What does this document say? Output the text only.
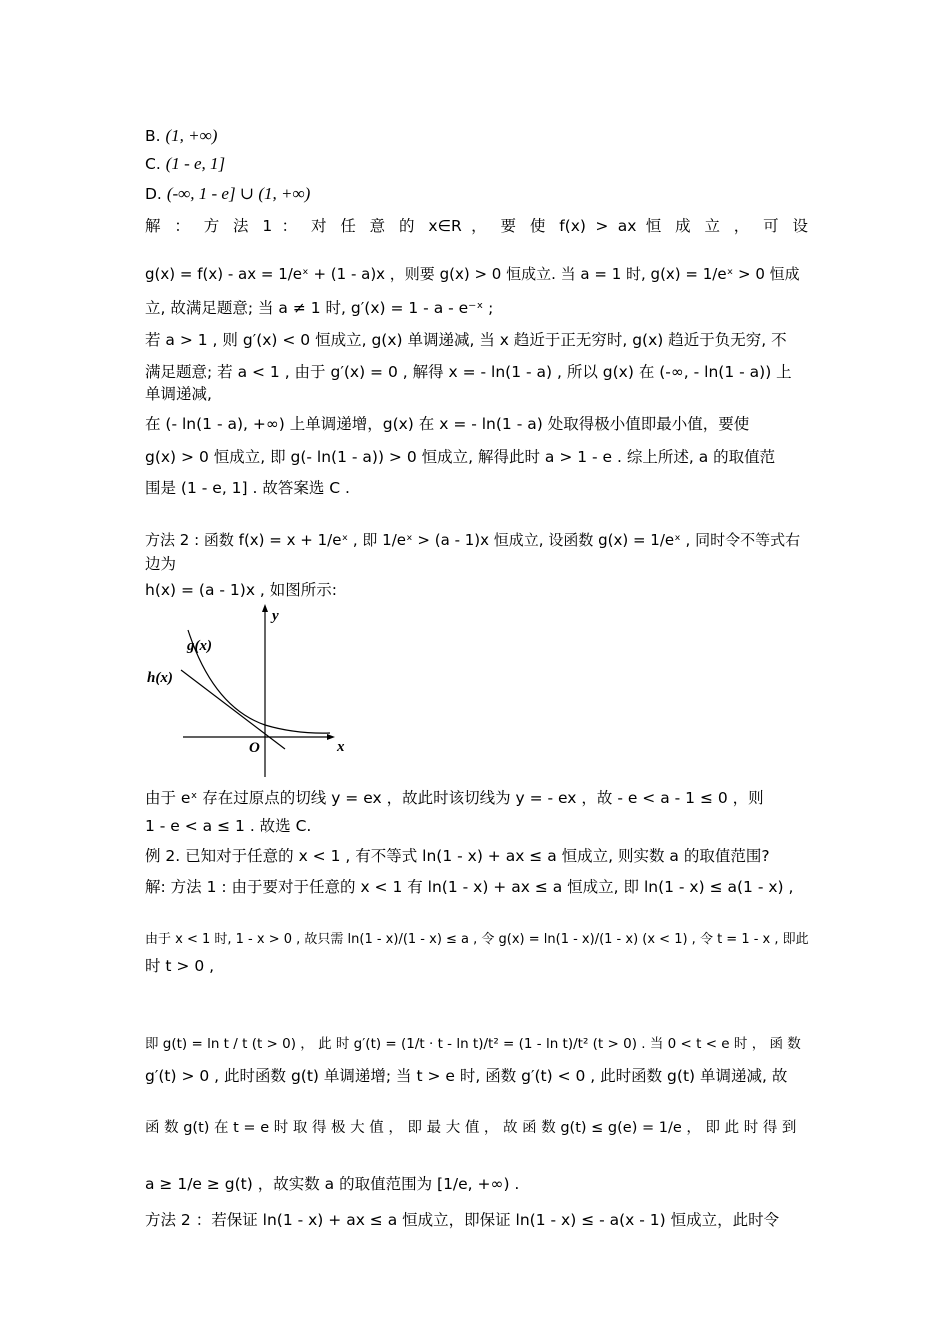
B. (1, +∞)
C. (1 - e, 1]
D. (-∞, 1 - e] ∪ (1, +∞)
解 ： 方 法 1 ： 对 任 意 的 x∈R ， 要 使 f(x) > ax 恒 成 立 ， 可 设
g(x) = f(x) - ax = 1/eˣ + (1 - a)x ，则要 g(x) > 0 恒成立. 当 a = 1 时, g(x) = 1/eˣ > 0 恒成
立, 故满足题意; 当 a ≠ 1 时, g′(x) = 1 - a - e⁻ˣ ;
若 a > 1 , 则 g′(x) < 0 恒成立, g(x) 单调递减, 当 x 趋近于正无穷时, g(x) 趋近于负无穷, 不
满足题意; 若 a < 1 , 由于 g′(x) = 0 , 解得 x = - ln(1 - a) , 所以 g(x) 在 (-∞, - ln(1 - a)) 上
单调递减,
在 (- ln(1 - a), +∞) 上单调递增，g(x) 在 x = - ln(1 - a) 处取得极小值即最小值，要使
g(x) > 0 恒成立, 即 g(- ln(1 - a)) > 0 恒成立, 解得此时 a > 1 - e . 综上所述, a 的取值范
围是 (1 - e, 1] . 故答案选 C .
方法 2 : 函数 f(x) = x + 1/eˣ , 即 1/eˣ > (a - 1)x 恒成立, 设函数 g(x) = 1/eˣ , 同时令不等式右
边为
h(x) = (a - 1)x , 如图所示:
y
x
O
g(x)
h(x)
由于 eˣ 存在过原点的切线 y = ex ，故此时该切线为 y = - ex ，故 - e < a - 1 ≤ 0 ，则
1 - e < a ≤ 1 . 故选 C.
例 2. 已知对于任意的 x < 1 , 有不等式 ln(1 - x) + ax ≤ a 恒成立, 则实数 a 的取值范围?
解: 方法 1 : 由于要对于任意的 x < 1 有 ln(1 - x) + ax ≤ a 恒成立, 即 ln(1 - x) ≤ a(1 - x) ,
由于 x < 1 时, 1 - x > 0 , 故只需 ln(1 - x)/(1 - x) ≤ a , 令 g(x) = ln(1 - x)/(1 - x) (x < 1) , 令 t = 1 - x , 即此
时 t > 0 ,
即 g(t) = ln t / t (t > 0) ， 此 时 g′(t) = (1/t · t - ln t)/t² = (1 - ln t)/t² (t > 0) . 当 0 < t < e 时 ， 函 数
g′(t) > 0 , 此时函数 g(t) 单调递增; 当 t > e 时, 函数 g′(t) < 0 , 此时函数 g(t) 单调递减, 故
函 数 g(t) 在 t = e 时 取 得 极 大 值 ， 即 最 大 值 ， 故 函 数 g(t) ≤ g(e) = 1/e ， 即 此 时 得 到
a ≥ 1/e ≥ g(t) ，故实数 a 的取值范围为 [1/e, +∞) .
方法 2 ：若保证 ln(1 - x) + ax ≤ a 恒成立，即保证 ln(1 - x) ≤ - a(x - 1) 恒成立，此时令
